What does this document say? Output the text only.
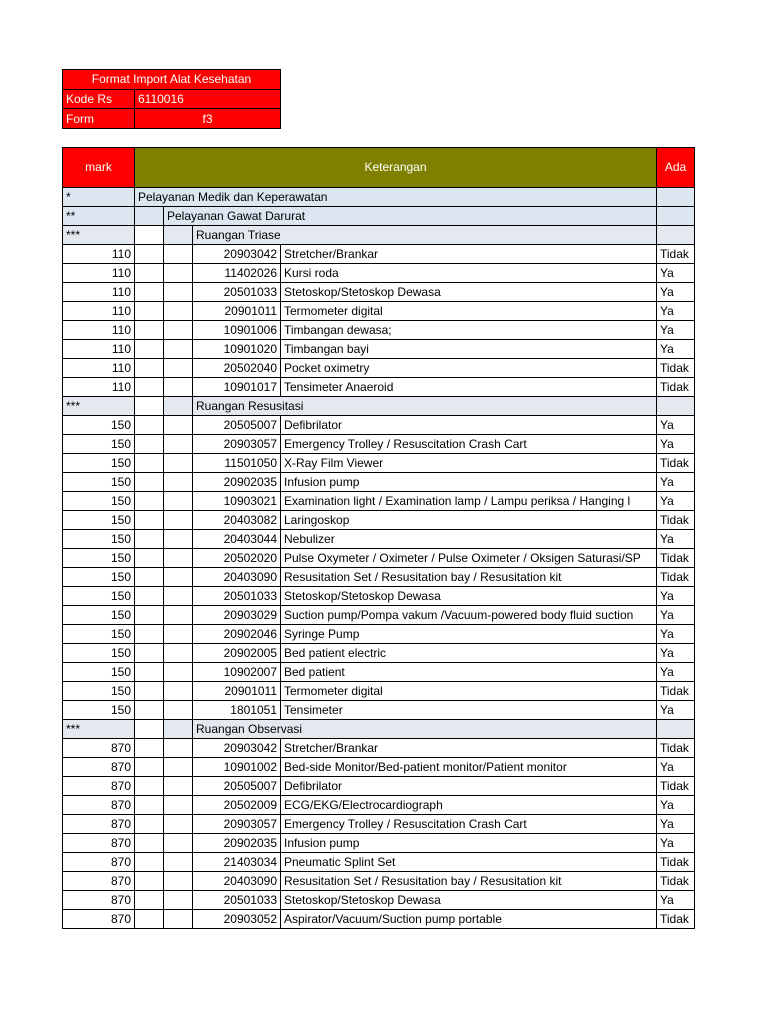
Format Import Alat Kesehatan	
Kode Rs	6110016
Form	f3
mark	Keterangan				Ada
*	Pelayanan Medik dan Keperawatan				
**		Pelayanan Gawat Darurat			
***			Ruangan Triase		
110			20903042	Stretcher/Brankar	Tidak
110			11402026	Kursi roda	Ya
110			20501033	Stetoskop/Stetoskop Dewasa	Ya
110			20901011	Termometer digital	Ya
110			10901006	Timbangan dewasa;	Ya
110			10901020	Timbangan bayi	Ya
110			20502040	Pocket oximetry	Tidak
110			10901017	Tensimeter Anaeroid	Tidak
***			Ruangan Resusitasi		
150			20505007	Defibrilator	Ya
150			20903057	Emergency Trolley / Resuscitation Crash Cart	Ya
150			11501050	X-Ray Film Viewer	Tidak
150			20902035	Infusion pump	Ya
150			10903021	Examination light / Examination lamp / Lampu periksa / Hanging l	Ya
150			20403082	Laringoskop	Tidak
150			20403044	Nebulizer	Ya
150			20502020	Pulse Oxymeter / Oximeter / Pulse Oximeter / Oksigen Saturasi/SP	Tidak
150			20403090	Resusitation Set / Resusitation bay / Resusitation kit	Tidak
150			20501033	Stetoskop/Stetoskop Dewasa	Ya
150			20903029	Suction pump/Pompa vakum /Vacuum-powered body fluid suction	Ya
150			20902046	Syringe Pump	Ya
150			20902005	Bed patient electric	Ya
150			10902007	Bed patient	Ya
150			20901011	Termometer digital	Tidak
150			1801051	Tensimeter	Ya
***			Ruangan Observasi		
870			20903042	Stretcher/Brankar	Tidak
870			10901002	Bed-side Monitor/Bed-patient monitor/Patient monitor	Ya
870			20505007	Defibrilator	Tidak
870			20502009	ECG/EKG/Electrocardiograph	Ya
870			20903057	Emergency Trolley / Resuscitation Crash Cart	Ya
870			20902035	Infusion pump	Ya
870			21403034	Pneumatic Splint Set	Tidak
870			20403090	Resusitation Set / Resusitation bay / Resusitation kit	Tidak
870			20501033	Stetoskop/Stetoskop Dewasa	Ya
870			20903052	Aspirator/Vacuum/Suction pump portable	Tidak
